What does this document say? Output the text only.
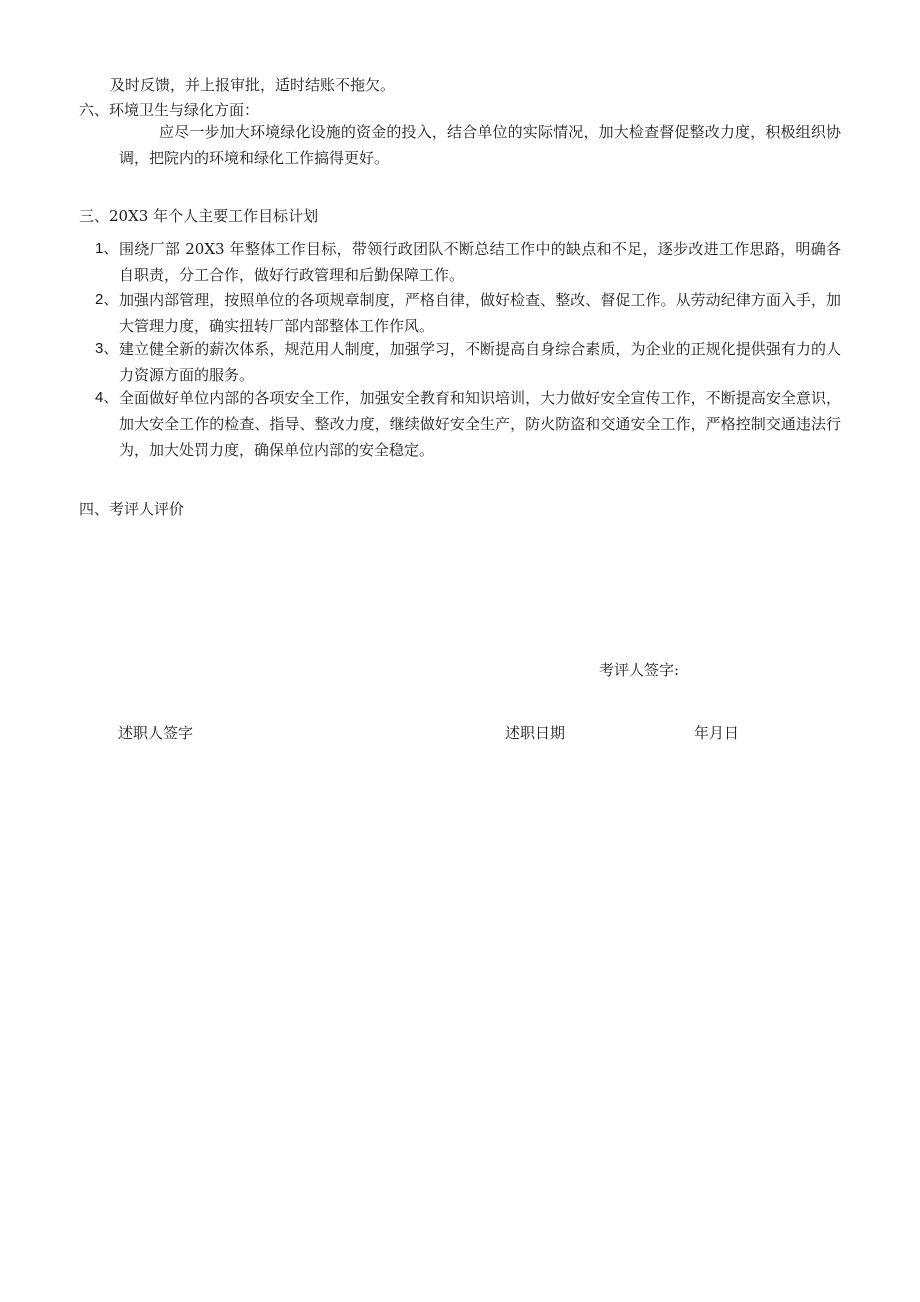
及时反馈，并上报审批，适时结账不拖欠。
六、环境卫生与绿化方面：
应尽一步加大环境绿化设施的资金的投入，结合单位的实际情况，加大检查督促整改力度，积极组织协调，把院内的环境和绿化工作搞得更好。
三、20X3 年个人主要工作目标计划
1、 围绕厂部 20X3 年整体工作目标，带领行政团队不断总结工作中的缺点和不足，逐步改进工作思路，明确各自职责，分工合作，做好行政管理和后勤保障工作。
2、 加强内部管理，按照单位的各项规章制度，严格自律，做好检查、整改、督促工作。从劳动纪律方面入手，加大管理力度，确实扭转厂部内部整体工作作风。
3、 建立健全新的薪次体系，规范用人制度，加强学习，不断提高自身综合素质，为企业的正规化提供强有力的人力资源方面的服务。
4、 全面做好单位内部的各项安全工作，加强安全教育和知识培训，大力做好安全宣传工作，不断提高安全意识，加大安全工作的检查、指导、整改力度，继续做好安全生产，防火防盗和交通安全工作，严格控制交通违法行为，加大处罚力度，确保单位内部的安全稳定。
四、考评人评价
考评人签字:
述职人签字	述职日期	年月日
